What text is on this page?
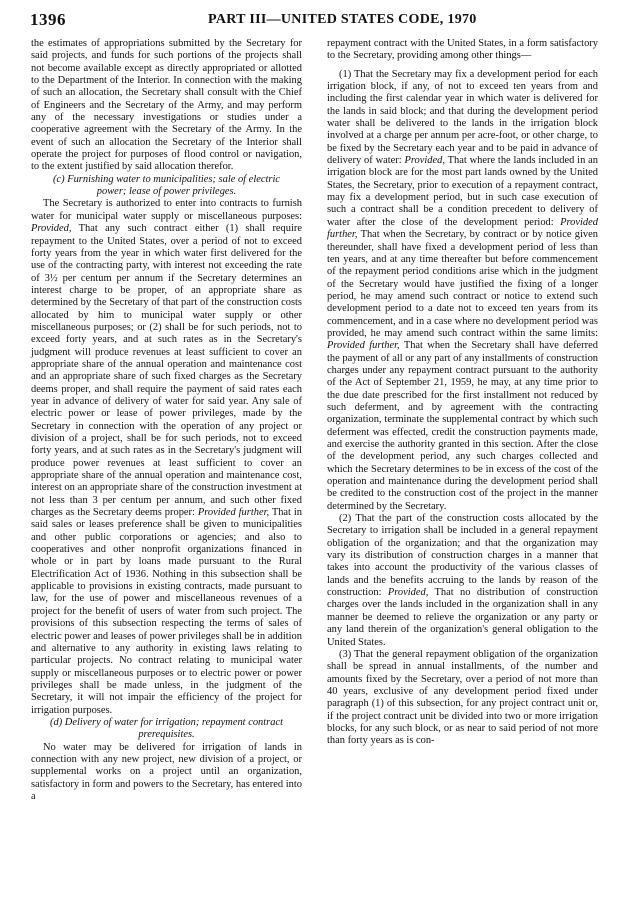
1396	PART III—UNITED STATES CODE, 1970

the estimates of appropriations submitted by the Secretary for said projects, and funds for such portions of the projects shall not become available except as directly appropriated or allotted to the Department of the Interior. In connection with the making of such an allocation, the Secretary shall consult with the Chief of Engineers and the Secretary of the Army, and may perform any of the necessary investigations or studies under a cooperative agreement with the Secretary of the Army. In the event of such an allocation the Secretary of the Interior shall operate the project for purposes of flood control or navigation, to the extent justified by said allocation therefor.

(c) Furnishing water to municipalities; sale of electric power; lease of power privileges.

The Secretary is authorized to enter into contracts to furnish water for municipal water supply or miscellaneous purposes: Provided, That any such contract either (1) shall require repayment to the United States, over a period of not to exceed forty years from the year in which water first delivered for the use of the contracting party, with interest not exceeding the rate of 3½ per centum per annum if the Secretary determines an interest charge to be proper, of an appropriate share as determined by the Secretary of that part of the construction costs allocated by him to municipal water supply or other miscellaneous purposes; or (2) shall be for such periods, not to exceed forty years, and at such rates as in the Secretary's judgment will produce revenues at least sufficient to cover an appropriate share of the annual operation and maintenance cost and an appropriate share of such fixed charges as the Secretary deems proper, and shall require the payment of said rates each year in advance of delivery of water for said year. Any sale of electric power or lease of power privileges, made by the Secretary in connection with the operation of any project or division of a project, shall be for such periods, not to exceed forty years, and at such rates as in the Secretary's judgment will produce power revenues at least sufficient to cover an appropriate share of the annual operation and maintenance cost, interest on an appropriate share of the construction investment at not less than 3 per centum per annum, and such other fixed charges as the Secretary deems proper: Provided further, That in said sales or leases preference shall be given to municipalities and other public corporations or agencies; and also to cooperatives and other nonprofit organizations financed in whole or in part by loans made pursuant to the Rural Electrification Act of 1936. Nothing in this subsection shall be applicable to provisions in existing contracts, made pursuant to law, for the use of power and miscellaneous revenues of a project for the benefit of users of water from such project. The provisions of this subsection respecting the terms of sales of electric power and leases of power privileges shall be in addition and alternative to any authority in existing laws relating to particular projects. No contract relating to municipal water supply or miscellaneous purposes or to electric power or power privileges shall be made unless, in the judgment of the Secretary, it will not impair the efficiency of the project for irrigation purposes.

(d) Delivery of water for irrigation; repayment contract prerequisites.

No water may be delivered for irrigation of lands in connection with any new project, new division of a project, or supplemental works on a project until an organization, satisfactory in form and powers to the Secretary, has entered into a

repayment contract with the United States, in a form satisfactory to the Secretary, providing among other things—

(1) That the Secretary may fix a development period for each irrigation block, if any, of not to exceed ten years from and including the first calendar year in which water is delivered for the lands in said block; and that during the development period water shall be delivered to the lands in the irrigation block involved at a charge per annum per acre-foot, or other charge, to be fixed by the Secretary each year and to be paid in advance of delivery of water: Provided, That where the lands included in an irrigation block are for the most part lands owned by the United States, the Secretary, prior to execution of a repayment contract, may fix a development period, but in such case execution of such a contract shall be a condition precedent to delivery of water after the close of the development period: Provided further, That when the Secretary, by contract or by notice given thereunder, shall have fixed a development period of less than ten years, and at any time thereafter but before commencement of the repayment period conditions arise which in the judgment of the Secretary would have justified the fixing of a longer period, he may amend such contract or notice to extend such development period to a date not to exceed ten years from its commencement, and in a case where no development period was provided, he may amend such contract within the same limits: Provided further, That when the Secretary shall have deferred the payment of all or any part of any installments of construction charges under any repayment contract pursuant to the authority of the Act of September 21, 1959, he may, at any time prior to the due date prescribed for the first installment not reduced by such deferment, and by agreement with the contracting organization, terminate the supplemental contract by which such deferment was effected, credit the construction payments made, and exercise the authority granted in this section. After the close of the development period, any such charges collected and which the Secretary determines to be in excess of the cost of the operation and maintenance during the development period shall be credited to the construction cost of the project in the manner determined by the Secretary.

(2) That the part of the construction costs allocated by the Secretary to irrigation shall be included in a general repayment obligation of the organization; and that the organization may vary its distribution of construction charges in a manner that takes into account the productivity of the various classes of lands and the benefits accruing to the lands by reason of the construction: Provided, That no distribution of construction charges over the lands included in the organization shall in any manner be deemed to relieve the organization or any party or any land therein of the organization's general obligation to the United States.

(3) That the general repayment obligation of the organization shall be spread in annual installments, of the number and amounts fixed by the Secretary, over a period of not more than 40 years, exclusive of any development period fixed under paragraph (1) of this subsection, for any project contract unit or, if the project contract unit be divided into two or more irrigation blocks, for any such block, or as near to said period of not more than forty years as is con-
